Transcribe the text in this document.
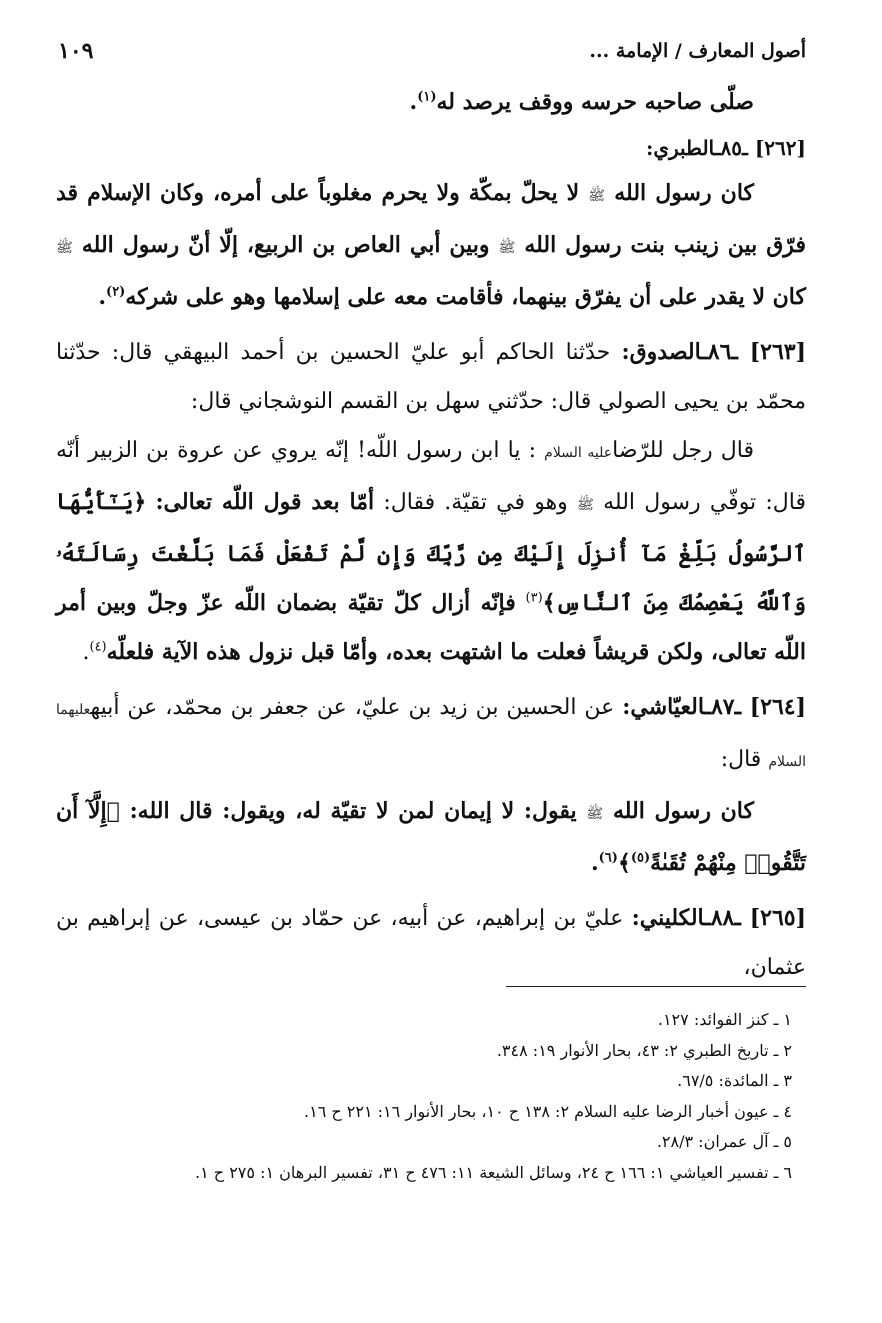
أصول المعارف / الإمامة ...
١٠٩

صلّى صاحبه حرسه ووقف يرصد له$^{(١)}$.

[٢٦٢] ـ٨٥ـالطبري:

كان رسول الله ﷺ لا يحلّ بمكّة ولا يحرم مغلوباً على أمره، وكان الإسلام قد فرّق بين زينب بنت رسول الله ﷺ وبين أبي العاص بن الربيع، إلّا أنّ رسول الله ﷺ كان لا يقدر على أن يفرّق بينهما، فأقامت معه على إسلامها وهو على شركه$^{(٢)}$.

[٢٦٣] ـ٨٦ـالصدوق: حدّثنا الحاكم أبو عليّ الحسين بن أحمد البيهقي قال: حدّثنا محمّد بن يحيى الصولي قال: حدّثني سهل بن القسم النوشجاني قال:

قال رجل للرّضاعليه السلام : يا ابن رسول اللّه! إنّه يروي عن عروة بن الزبير أنّه قال: توفّي رسول الله ﷺ وهو في تقيّة. فقال: أمّا بعد قول اللّه تعالى: ﴿يَـٰٓأَيُّهَا ٱلرَّسُولُ بَلِّغْ مَآ أُنزِلَ إِلَيْكَ مِن رَّبِّكَ وَإِن لَّمْ تَفْعَلْ فَمَا بَلَّغْتَ رِسَالَتَهُۥ وَٱللَّهُ يَعْصِمُكَ مِنَ ٱلنَّاسِ﴾$^{(٣)}$ فإنّه أزال كلّ تقيّة بضمان اللّه عزّ وجلّ وبين أمر اللّه تعالى، ولكن قريشاً فعلت ما اشتهت بعده، وأمّا قبل نزول هذه الآية فلعلّه$^{(٤)}$.

[٢٦٤] ـ٨٧ـالعيّاشي: عن الحسين بن زيد بن عليّ، عن جعفر بن محمّد، عن أبيهعليهما السلام قال:

كان رسول الله ﷺ يقول: لا إيمان لمن لا تقيّة له، ويقول: قال الله: ﴿إِلَّآ أَن تَتَّقُوا۟ مِنْهُمْ تُقَىٰةً$^{(٥)}$﴾$^{(٦)}$.

[٢٦٥] ـ٨٨ـالكليني: عليّ بن إبراهيم، عن أبيه، عن حمّاد بن عيسى، عن إبراهيم بن عثمان،

١ ـ كنز الفوائد: ١٢٧.

٢ ـ تاريخ الطبري ٢: ٤٣، بحار الأنوار ١٩: ٣٤٨.

٣ ـ المائدة: ٦٧/٥.

٤ ـ عيون أخبار الرضا عليه السلام ٢: ١٣٨ ح ١٠، بحار الأنوار ١٦: ٢٢١ ح ١٦.

٥ ـ آل عمران: ٢٨/٣.

٦ ـ تفسير العياشي ١: ١٦٦ ح ٢٤، وسائل الشيعة ١١: ٤٧٦ ح ٣١، تفسير البرهان ١: ٢٧٥ ح ١.
